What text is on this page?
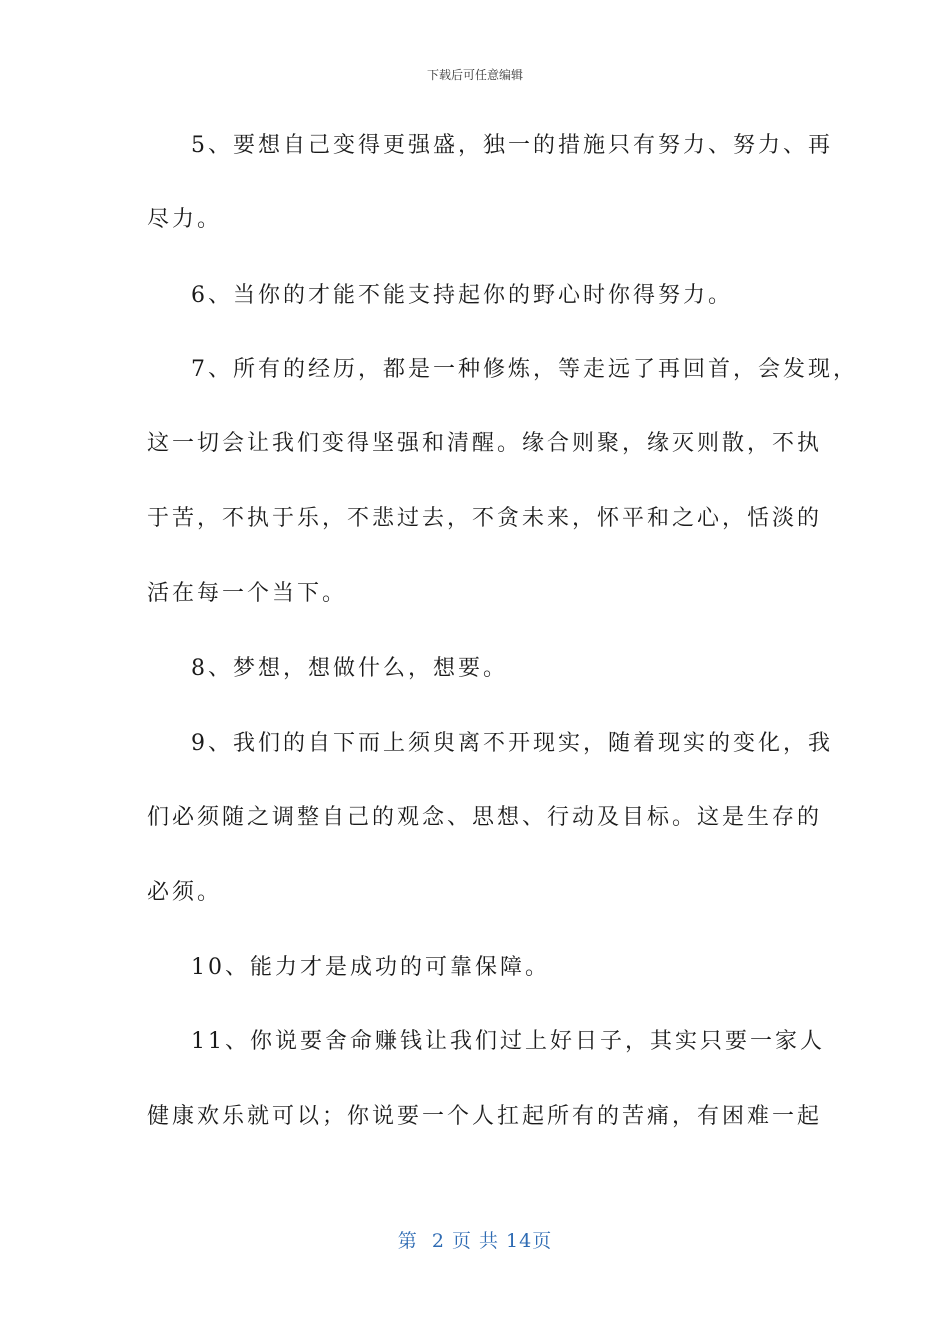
下载后可任意编辑
5、要想自己变得更强盛，独一的措施只有努力、努力、再
尽力。
6、当你的才能不能支持起你的野心时你得努力。
7、所有的经历，都是一种修炼，等走远了再回首，会发现，
这一切会让我们变得坚强和清醒。缘合则聚，缘灭则散，不执
于苦，不执于乐，不悲过去，不贪未来，怀平和之心，恬淡的
活在每一个当下。
8、梦想，想做什么，想要。
9、我们的自下而上须臾离不开现实，随着现实的变化，我
们必须随之调整自己的观念、思想、行动及目标。这是生存的
必须。
10、能力才是成功的可靠保障。
11、你说要舍命赚钱让我们过上好日子，其实只要一家人
健康欢乐就可以；你说要一个人扛起所有的苦痛，有困难一起
第  2 页 共 14页
